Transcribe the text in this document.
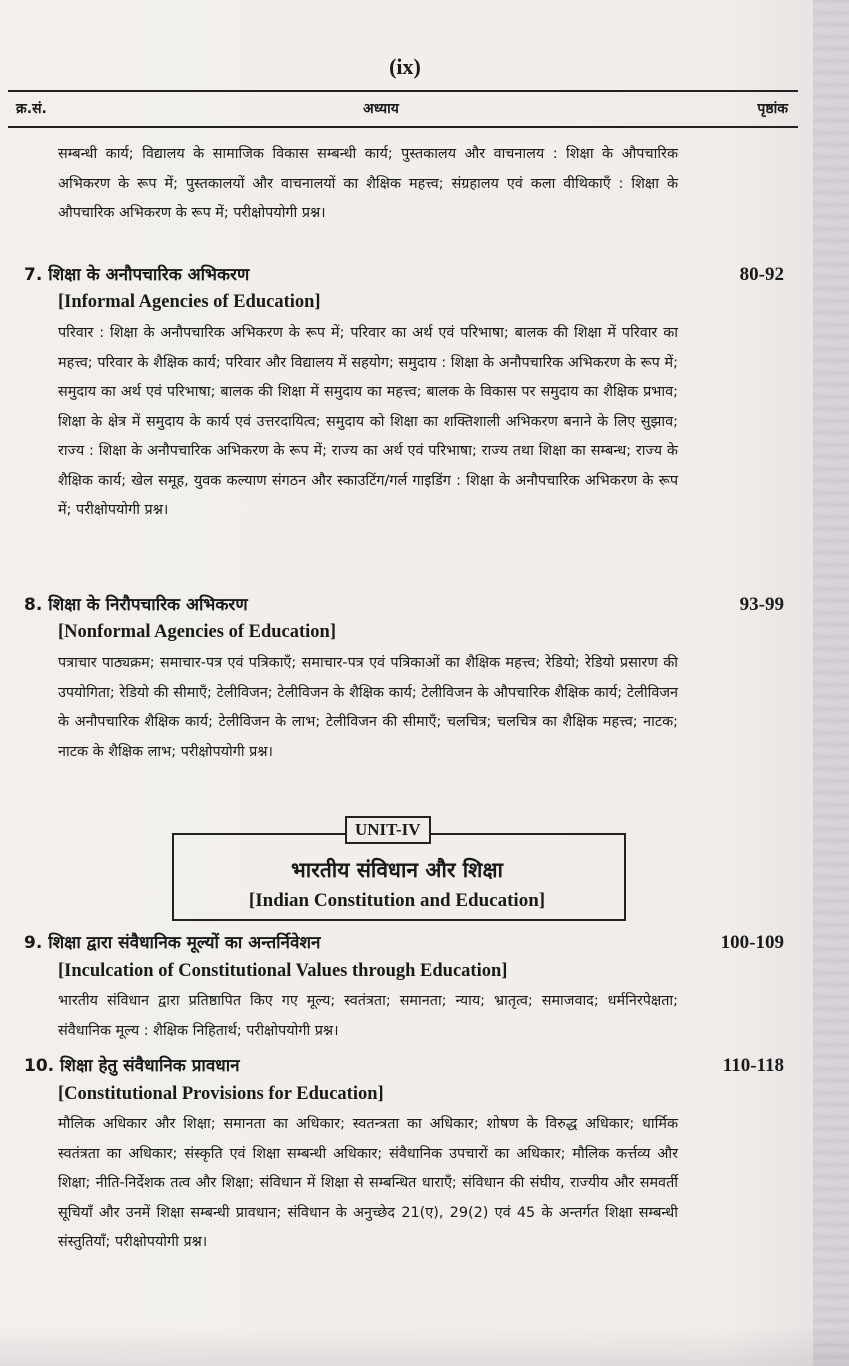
(ix)
क्र.सं.	अध्याय	पृष्ठांक
सम्बन्धी कार्य; विद्यालय के सामाजिक विकास सम्बन्धी कार्य; पुस्तकालय और वाचनालय : शिक्षा के औपचारिक अभिकरण के रूप में; पुस्तकालयों और वाचनालयों का शैक्षिक महत्त्व; संग्रहालय एवं कला वीथिकाएँ : शिक्षा के औपचारिक अभिकरण के रूप में; परीक्षोपयोगी प्रश्न।
7. शिक्षा के अनौपचारिक अभिकरण	80-92
[Informal Agencies of Education]
परिवार : शिक्षा के अनौपचारिक अभिकरण के रूप में; परिवार का अर्थ एवं परिभाषा; बालक की शिक्षा में परिवार का महत्त्व; परिवार के शैक्षिक कार्य; परिवार और विद्यालय में सहयोग; समुदाय : शिक्षा के अनौपचारिक अभिकरण के रूप में; समुदाय का अर्थ एवं परिभाषा; बालक की शिक्षा में समुदाय का महत्त्व; बालक के विकास पर समुदाय का शैक्षिक प्रभाव; शिक्षा के क्षेत्र में समुदाय के कार्य एवं उत्तरदायित्व; समुदाय को शिक्षा का शक्तिशाली अभिकरण बनाने के लिए सुझाव; राज्य : शिक्षा के अनौपचारिक अभिकरण के रूप में; राज्य का अर्थ एवं परिभाषा; राज्य तथा शिक्षा का सम्बन्ध; राज्य के शैक्षिक कार्य; खेल समूह, युवक कल्याण संगठन और स्काउटिंग/गर्ल गाइडिंग : शिक्षा के अनौपचारिक अभिकरण के रूप में; परीक्षोपयोगी प्रश्न।
8. शिक्षा के निरौपचारिक अभिकरण	93-99
[Nonformal Agencies of Education]
पत्राचार पाठ्यक्रम; समाचार-पत्र एवं पत्रिकाएँ; समाचार-पत्र एवं पत्रिकाओं का शैक्षिक महत्त्व; रेडियो; रेडियो प्रसारण की उपयोगिता; रेडियो की सीमाएँ; टेलीविजन; टेलीविजन के शैक्षिक कार्य; टेलीविजन के औपचारिक शैक्षिक कार्य; टेलीविजन के अनौपचारिक शैक्षिक कार्य; टेलीविजन के लाभ; टेलीविजन की सीमाएँ; चलचित्र; चलचित्र का शैक्षिक महत्त्व; नाटक; नाटक के शैक्षिक लाभ; परीक्षोपयोगी प्रश्न।
UNIT-IV
भारतीय संविधान और शिक्षा
[Indian Constitution and Education]
9. शिक्षा द्वारा संवैधानिक मूल्यों का अन्तर्निवेशन	100-109
[Inculcation of Constitutional Values through Education]
भारतीय संविधान द्वारा प्रतिष्ठापित किए गए मूल्य; स्वतंत्रता; समानता; न्याय; भ्रातृत्व; समाजवाद; धर्मनिरपेक्षता; संवैधानिक मूल्य : शैक्षिक निहितार्थ; परीक्षोपयोगी प्रश्न।
10. शिक्षा हेतु संवैधानिक प्रावधान	110-118
[Constitutional Provisions for Education]
मौलिक अधिकार और शिक्षा; समानता का अधिकार; स्वतन्त्रता का अधिकार; शोषण के विरुद्ध अधिकार; धार्मिक स्वतंत्रता का अधिकार; संस्कृति एवं शिक्षा सम्बन्धी अधिकार; संवैधानिक उपचारों का अधिकार; मौलिक कर्त्तव्य और शिक्षा; नीति-निर्देशक तत्व और शिक्षा; संविधान में शिक्षा से सम्बन्धित धाराएँ; संविधान की संघीय, राज्यीय और समवर्ती सूचियाँ और उनमें शिक्षा सम्बन्धी प्रावधान; संविधान के अनुच्छेद 21(ए), 29(2) एवं 45 के अन्तर्गत शिक्षा सम्बन्धी संस्तुतियाँ; परीक्षोपयोगी प्रश्न।
